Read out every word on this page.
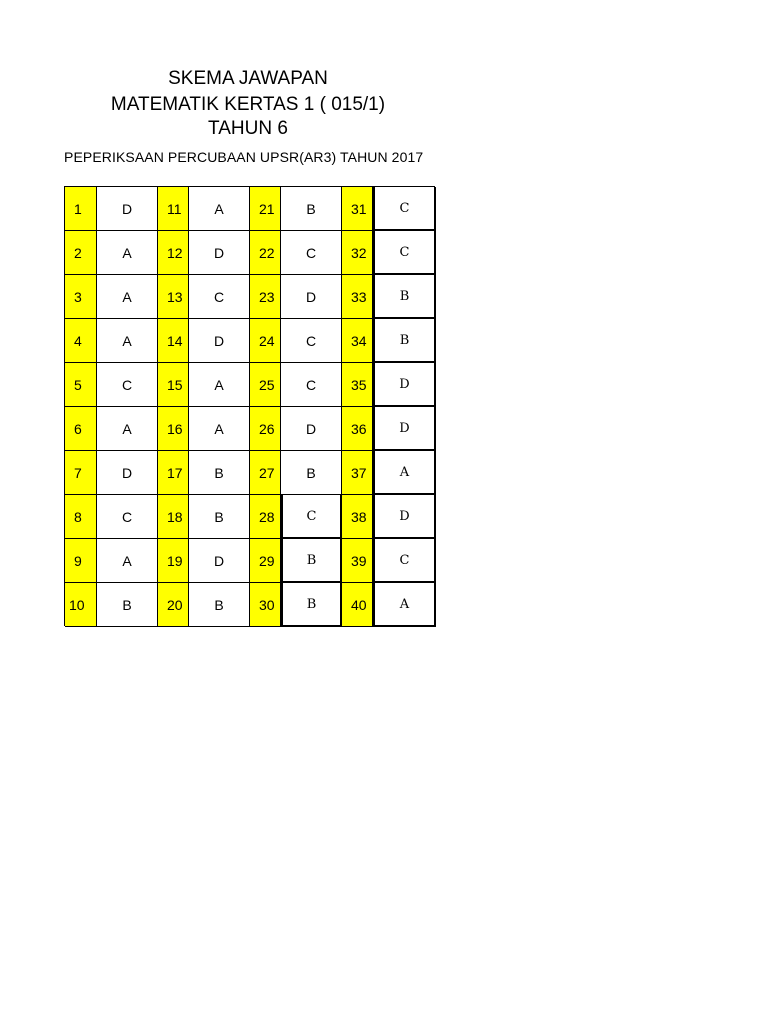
SKEMA JAWAPAN
MATEMATIK KERTAS 1 ( 015/1)
TAHUN 6
PEPERIKSAAN PERCUBAAN UPSR(AR3) TAHUN 2017
1	D	11	A	21	B	31	C
2	A	12	D	22	C	32	C
3	A	13	C	23	D	33	B
4	A	14	D	24	C	34	B
5	C	15	A	25	C	35	D
6	A	16	A	26	D	36	D
7	D	17	B	27	B	37	A
8	C	18	B	28	C	38	D
9	A	19	D	29	B	39	C
10	B	20	B	30	B	40	A
